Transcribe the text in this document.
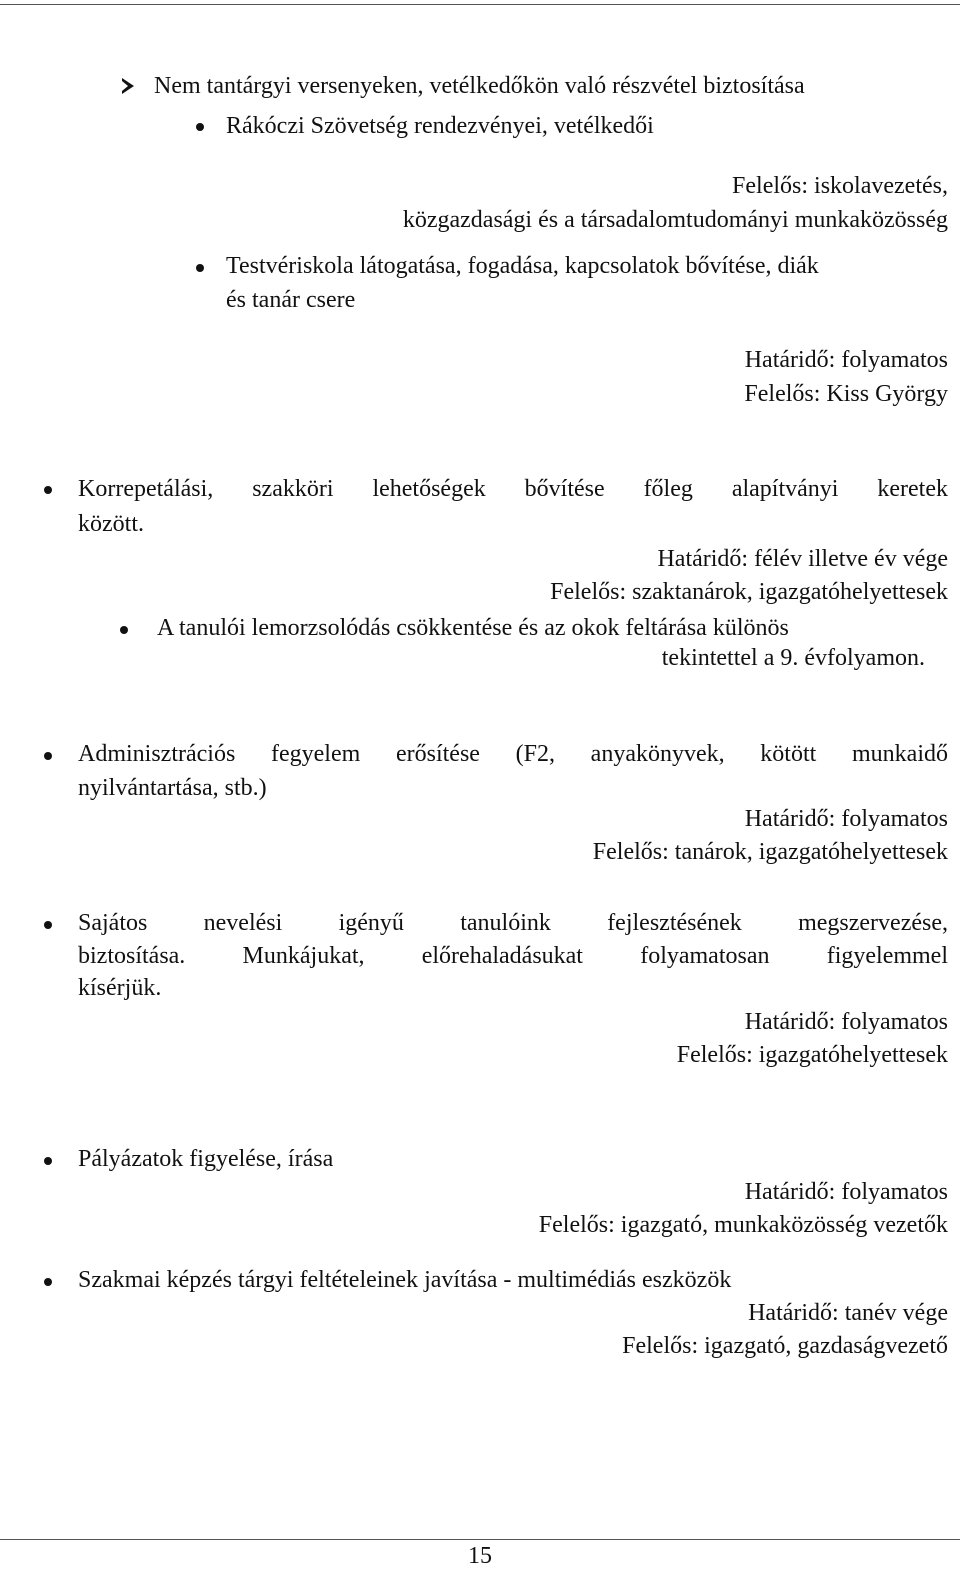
Nem tantárgyi versenyeken, vetélkedőkön való részvétel biztosítása
Rákóczi Szövetség rendezvényei, vetélkedői
Felelős: iskolavezetés,
közgazdasági és a társadalomtudományi munkaközösség
Testvériskola látogatása, fogadása, kapcsolatok bővítése, diák
és tanár csere
Határidő: folyamatos
Felelős: Kiss György
Korrepetálási, szakköri lehetőségek bővítése főleg alapítványi keretek
között.
Határidő: félév illetve év vége
Felelős: szaktanárok, igazgatóhelyettesek
A tanulói lemorzsolódás csökkentése és az okok feltárása különös
tekintettel a 9. évfolyamon.
Adminisztrációs fegyelem erősítése (F2, anyakönyvek, kötött munkaidő
nyilvántartása, stb.)
Határidő: folyamatos
Felelős: tanárok, igazgatóhelyettesek
Sajátos nevelési igényű tanulóink fejlesztésének megszervezése,
biztosítása. Munkájukat, előrehaladásukat folyamatosan figyelemmel
kísérjük.
Határidő: folyamatos
Felelős: igazgatóhelyettesek
Pályázatok figyelése, írása
Határidő: folyamatos
Felelős: igazgató, munkaközösség vezetők
Szakmai képzés tárgyi feltételeinek javítása - multimédiás eszközök
Határidő: tanév vége
Felelős: igazgató, gazdaságvezető
15
